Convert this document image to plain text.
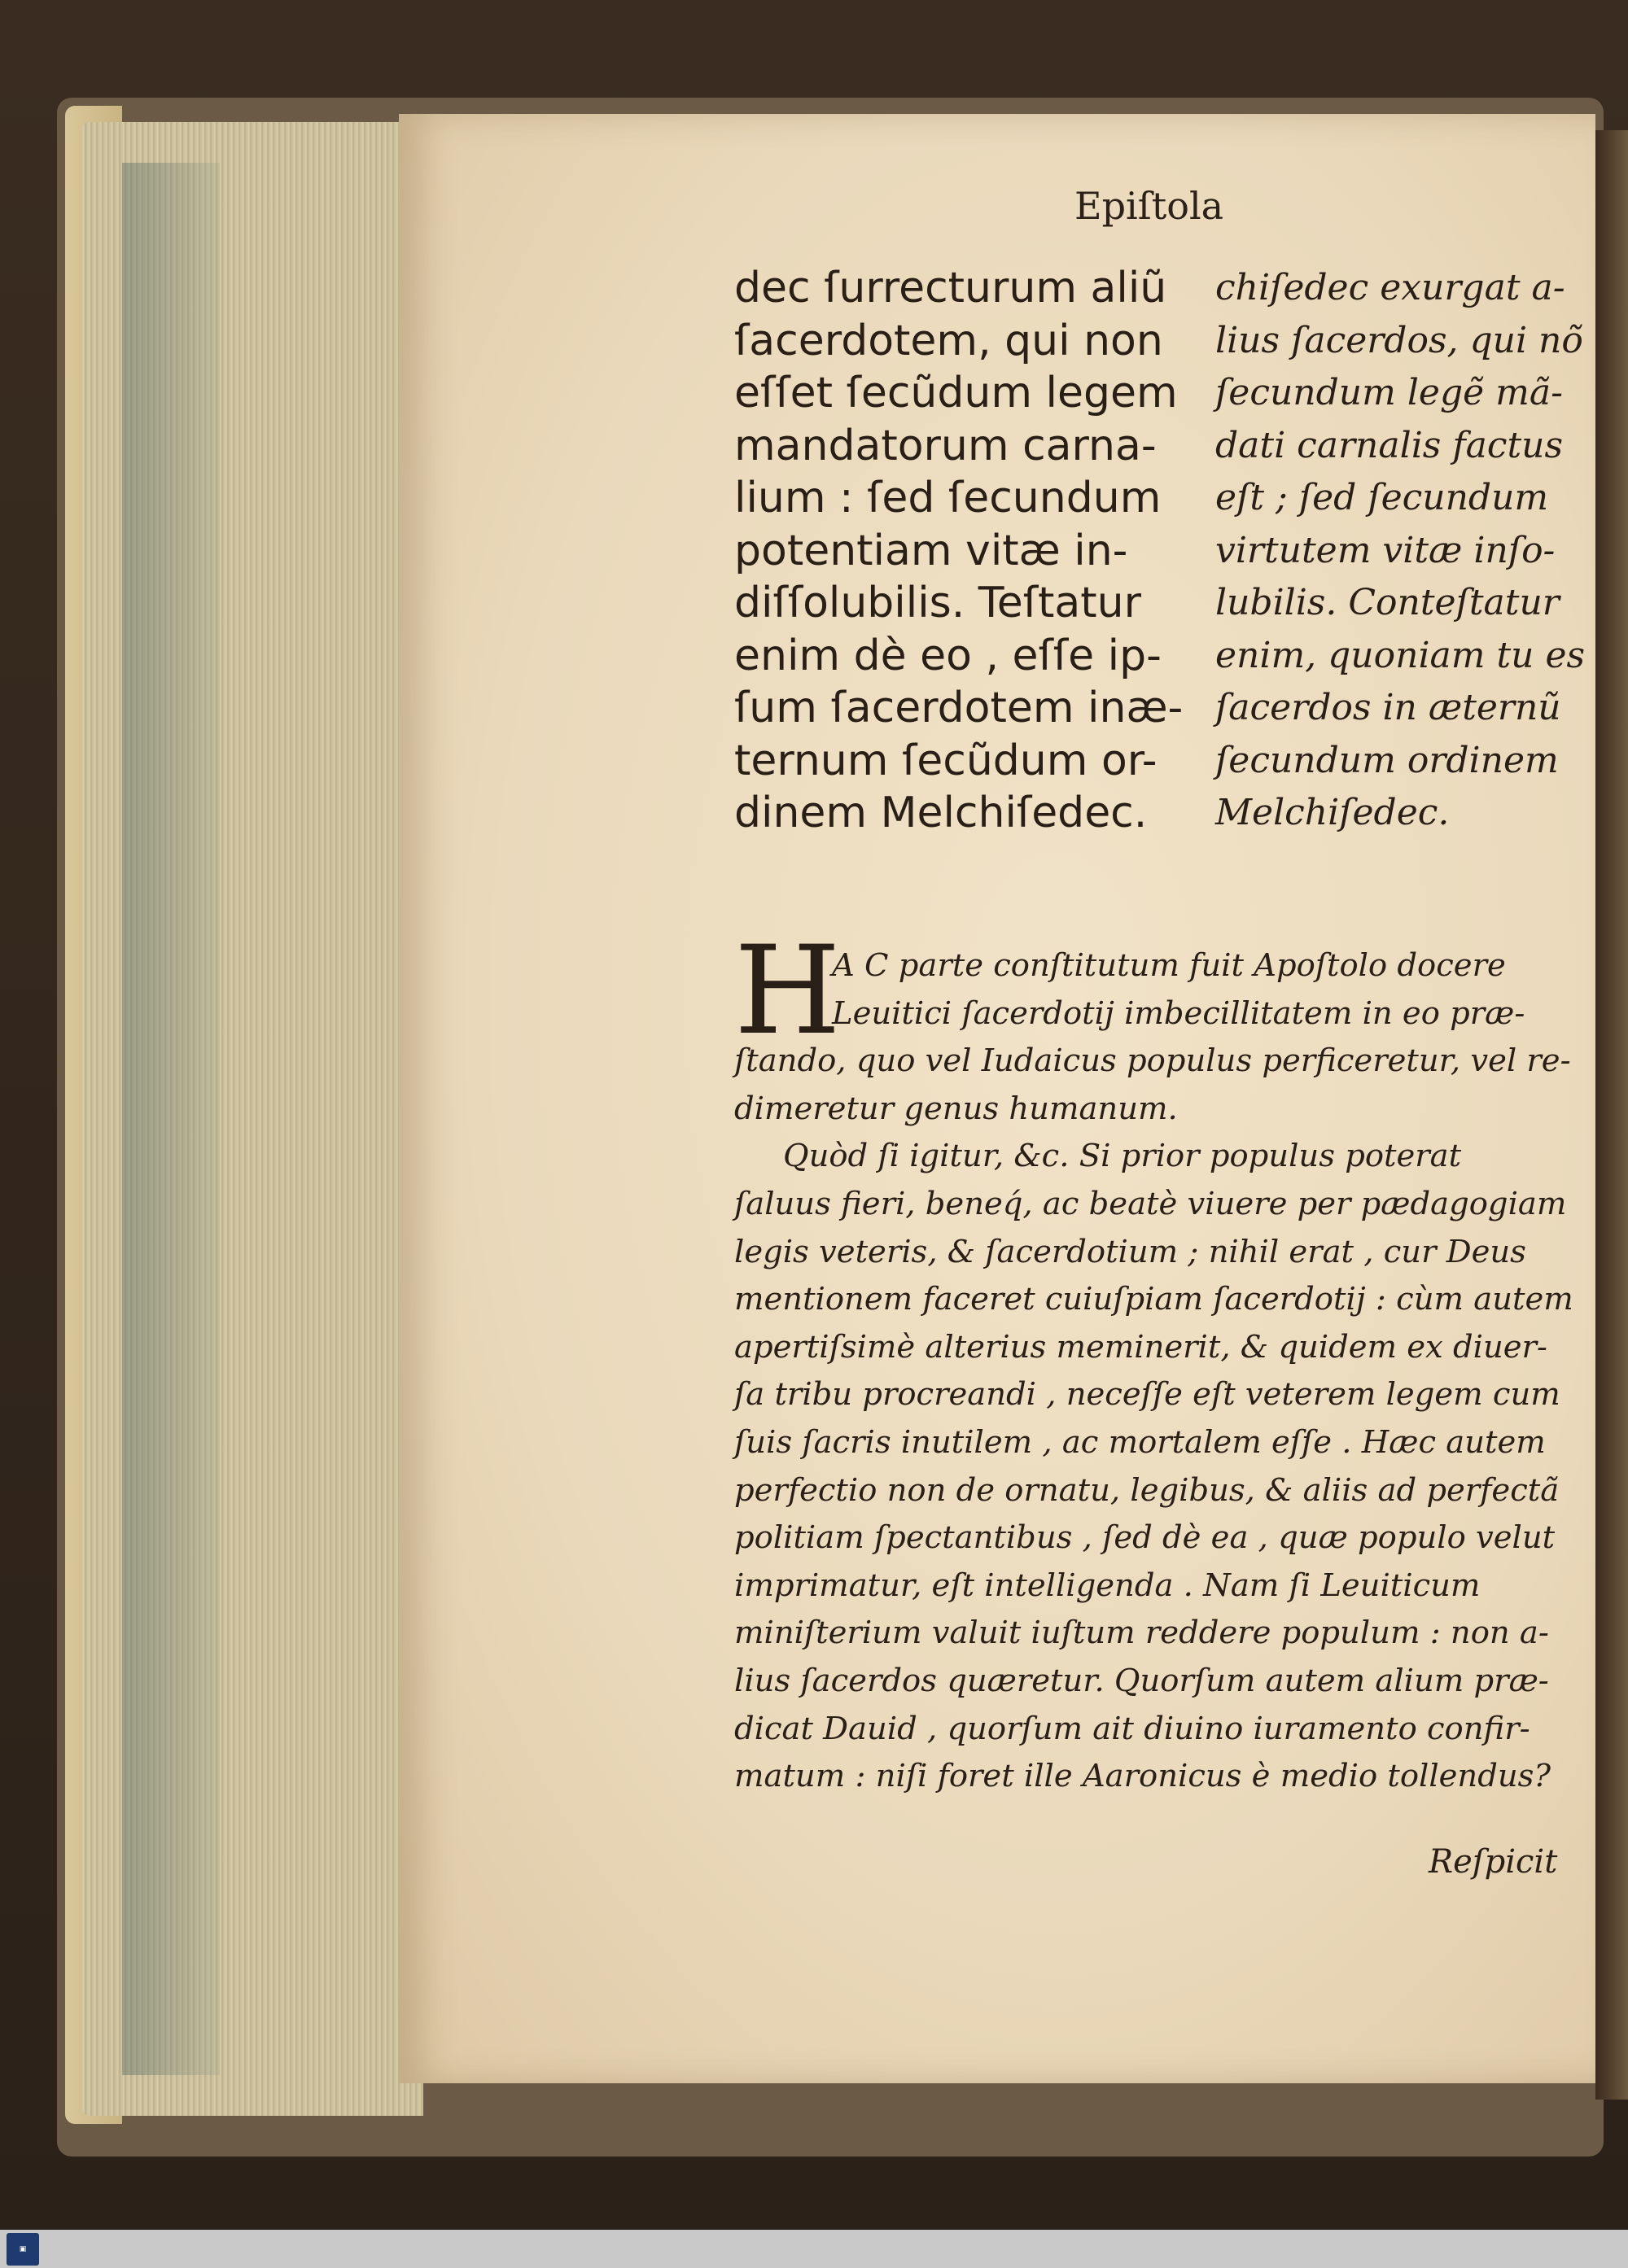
Epiſtola
dec ſurrecturum aliũ
ſacerdotem, qui non
eſſet ſecũdum legem
mandatorum carna-
lium : ſed ſecundum
potentiam vitæ in-
diſſolubilis. Teſtatur
enim dè eo , eſſe ip-
ſum ſacerdotem inæ-
ternum ſecũdum or-
dinem Melchiſedec.
chiſedec exurgat a-
lius ſacerdos, qui nõ
ſecundum legẽ mã-
dati carnalis factus
eſt ; ſed ſecundum
virtutem vitæ inſo-
lubilis. Conteſtatur
enim, quoniam tu es
ſacerdos in æternũ
ſecundum ordinem
Melchiſedec.
H
A C parte conſtitutum fuit Apoſtolo docere
Leuitici ſacerdotij imbecillitatem in eo præ-
ſtando, quo vel Iudaicus populus perficeretur, vel re-
dimeretur genus humanum.
Quòd ſi igitur, &c. Si prior populus poterat
ſaluus fieri, beneq́, ac beatè viuere per pædagogiam
legis veteris, & ſacerdotium ; nihil erat , cur Deus
mentionem faceret cuiuſpiam ſacerdotij : cùm autem
apertiſsimè alterius meminerit, & quidem ex diuer-
ſa tribu procreandi , neceſſe eſt veterem legem cum
ſuis ſacris inutilem , ac mortalem eſſe . Hæc autem
perfectio non de ornatu, legibus, & aliis ad perfectã
politiam ſpectantibus , ſed dè ea , quæ populo velut
imprimatur, eſt intelligenda . Nam ſi Leuiticum
miniſterium valuit iuſtum reddere populum : non a-
lius ſacerdos quæretur. Quorſum autem alium præ-
dicat Dauid , quorſum ait diuino iuramento confir-
matum : niſi foret ille Aaronicus è medio tollendus?
Reſpicit
▣
